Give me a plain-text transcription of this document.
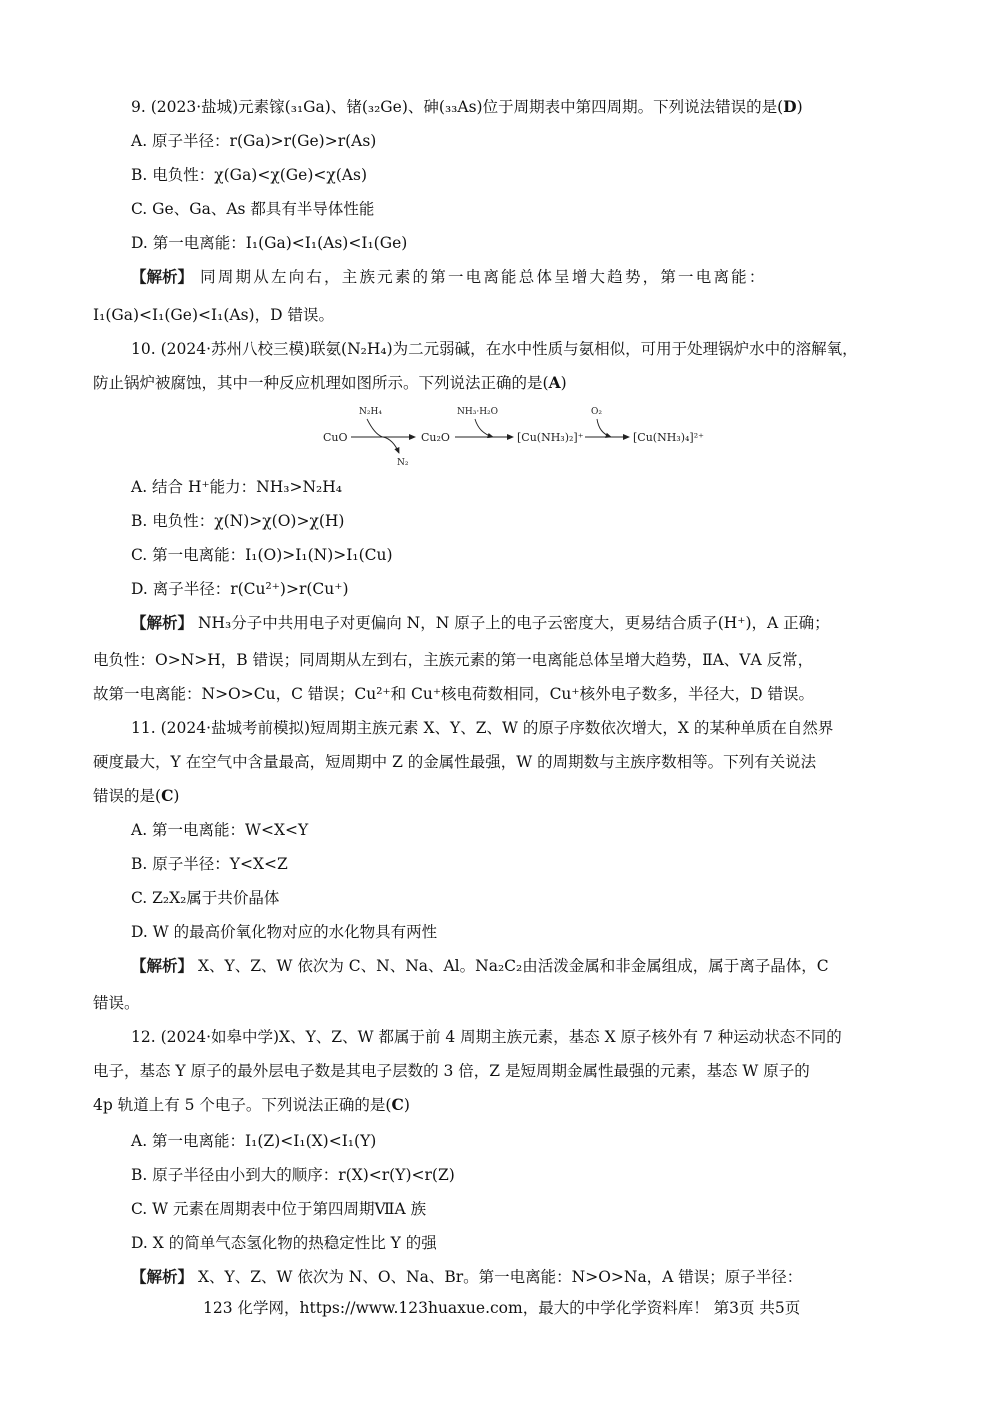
9. (2023·盐城)元素镓(₃₁Ga)、锗(₃₂Ge)、砷(₃₃As)位于周期表中第四周期。下列说法错误的是(D)
A. 原子半径：r(Ga)>r(Ge)>r(As)
B. 电负性：χ(Ga)<χ(Ge)<χ(As)
C. Ge、Ga、As 都具有半导体性能
D. 第一电离能：I₁(Ga)<I₁(As)<I₁(Ge)
【解析】 同周期从左向右，主族元素的第一电离能总体呈增大趋势，第一电离能：
I₁(Ga)<I₁(Ge)<I₁(As)，D 错误。
10. (2024·苏州八校三模)联氨(N₂H₄)为二元弱碱，在水中性质与氨相似，可用于处理锅炉水中的溶解氧，
防止锅炉被腐蚀，其中一种反应机理如图所示。下列说法正确的是(A)
CuO
N₂H₄
N₂
Cu₂O
NH₃·H₂O
[Cu(NH₃)₂]⁺
O₂
[Cu(NH₃)₄]²⁺
A. 结合 H⁺能力：NH₃>N₂H₄
B. 电负性：χ(N)>χ(O)>χ(H)
C. 第一电离能：I₁(O)>I₁(N)>I₁(Cu)
D. 离子半径：r(Cu²⁺)>r(Cu⁺)
【解析】 NH₃分子中共用电子对更偏向 N，N 原子上的电子云密度大，更易结合质子(H⁺)，A 正确；
电负性：O>N>H，B 错误；同周期从左到右，主族元素的第一电离能总体呈增大趋势，ⅡA、ⅤA 反常，
故第一电离能：N>O>Cu，C 错误；Cu²⁺和 Cu⁺核电荷数相同，Cu⁺核外电子数多，半径大，D 错误。
11. (2024·盐城考前模拟)短周期主族元素 X、Y、Z、W 的原子序数依次增大，X 的某种单质在自然界
硬度最大，Y 在空气中含量最高，短周期中 Z 的金属性最强，W 的周期数与主族序数相等。下列有关说法
错误的是(C)
A. 第一电离能：W<X<Y
B. 原子半径：Y<X<Z
C. Z₂X₂属于共价晶体
D. W 的最高价氧化物对应的水化物具有两性
【解析】 X、Y、Z、W 依次为 C、N、Na、Al。Na₂C₂由活泼金属和非金属组成，属于离子晶体，C
错误。
12. (2024·如皋中学)X、Y、Z、W 都属于前 4 周期主族元素，基态 X 原子核外有 7 种运动状态不同的
电子，基态 Y 原子的最外层电子数是其电子层数的 3 倍，Z 是短周期金属性最强的元素，基态 W 原子的
4p 轨道上有 5 个电子。下列说法正确的是(C)
A. 第一电离能：I₁(Z)<I₁(X)<I₁(Y)
B. 原子半径由小到大的顺序：r(X)<r(Y)<r(Z)
C. W 元素在周期表中位于第四周期ⅦA 族
D. X 的简单气态氢化物的热稳定性比 Y 的强
【解析】 X、Y、Z、W 依次为 N、O、Na、Br。第一电离能：N>O>Na，A 错误；原子半径：
123 化学网，https://www.123huaxue.com，最大的中学化学资料库！ 第3页 共5页
